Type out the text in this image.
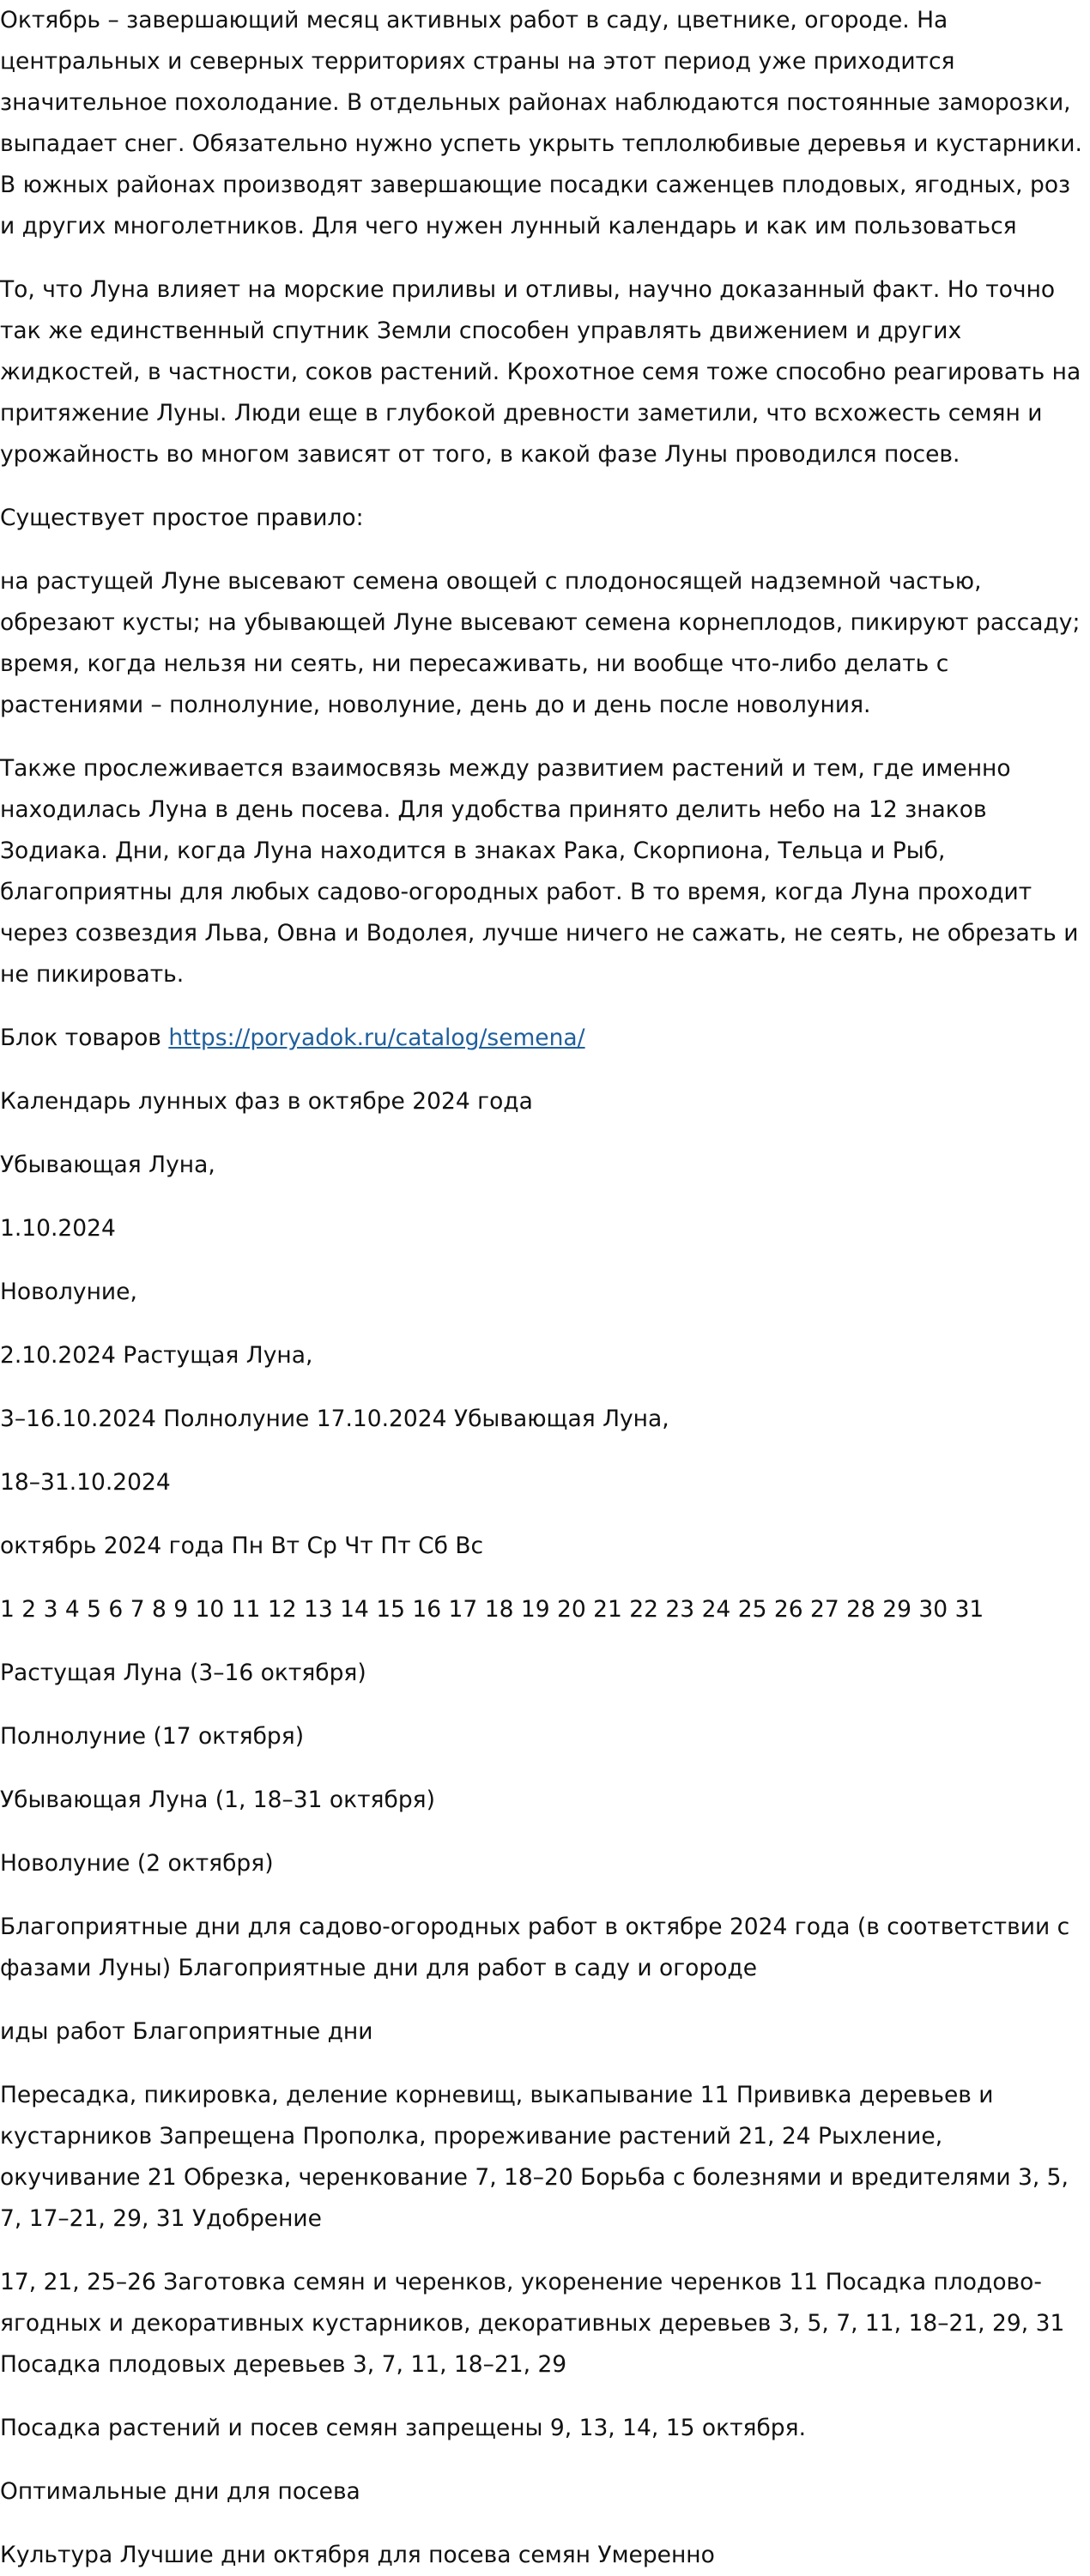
Октябрь – завершающий месяц активных работ в саду, цветнике, огороде. На центральных и северных территориях страны на этот период уже приходится значительное похолодание. В отдельных районах наблюдаются постоянные заморозки, выпадает снег. Обязательно нужно успеть укрыть теплолюбивые деревья и кустарники. В южных районах производят завершающие посадки саженцев плодовых, ягодных, роз и других многолетников. Для чего нужен лунный календарь и как им пользоваться

То, что Луна влияет на морские приливы и отливы, научно доказанный факт. Но точно так же единственный спутник Земли способен управлять движением и других жидкостей, в частности, соков растений. Крохотное семя тоже способно реагировать на притяжение Луны. Люди еще в глубокой древности заметили, что всхожесть семян и урожайность во многом зависят от того, в какой фазе Луны проводился посев.

Существует простое правило:

на растущей Луне высевают семена овощей с плодоносящей надземной частью, обрезают кусты; на убывающей Луне высевают семена корнеплодов, пикируют рассаду; время, когда нельзя ни сеять, ни пересаживать, ни вообще что-либо делать с растениями – полнолуние, новолуние, день до и день после новолуния.

Также прослеживается взаимосвязь между развитием растений и тем, где именно находилась Луна в день посева. Для удобства принято делить небо на 12 знаков Зодиака. Дни, когда Луна находится в знаках Рака, Скорпиона, Тельца и Рыб, благоприятны для любых садово-огородных работ. В то время, когда Луна проходит через созвездия Льва, Овна и Водолея, лучше ничего не сажать, не сеять, не обрезать и не пикировать.

Блок товаров https://poryadok.ru/catalog/semena/

Календарь лунных фаз в октябре 2024 года

Убывающая Луна,

1.10.2024

Новолуние,

2.10.2024 Растущая Луна,

3–16.10.2024 Полнолуние 17.10.2024 Убывающая Луна,

18–31.10.2024

октябрь 2024 года Пн Вт Ср Чт Пт Сб Вс

1 2 3 4 5 6 7 8 9 10 11 12 13 14 15 16 17 18 19 20 21 22 23 24 25 26 27 28 29 30 31

Растущая Луна (3–16 октября)

Полнолуние (17 октября)

Убывающая Луна (1, 18–31 октября)

Новолуние (2 октября)

Благоприятные дни для садово-огородных работ в октябре 2024 года (в соответствии с фазами Луны) Благоприятные дни для работ в саду и огороде

иды работ Благоприятные дни

Пересадка, пикировка, деление корневищ, выкапывание 11 Прививка деревьев и кустарников Запрещена Прополка, прореживание растений 21, 24 Рыхление, окучивание 21 Обрезка, черенкование 7, 18–20 Борьба с болезнями и вредителями 3, 5, 7, 17–21, 29, 31 Удобрение

17, 21, 25–26 Заготовка семян и черенков, укоренение черенков 11 Посадка плодово-ягодных и декоративных кустарников, декоративных деревьев 3, 5, 7, 11, 18–21, 29, 31 Посадка плодовых деревьев 3, 7, 11, 18–21, 29

Посадка растений и посев семян запрещены 9, 13, 14, 15 октября.

Оптимальные дни для посева

Культура Лучшие дни октября для посева семян Умеренно
